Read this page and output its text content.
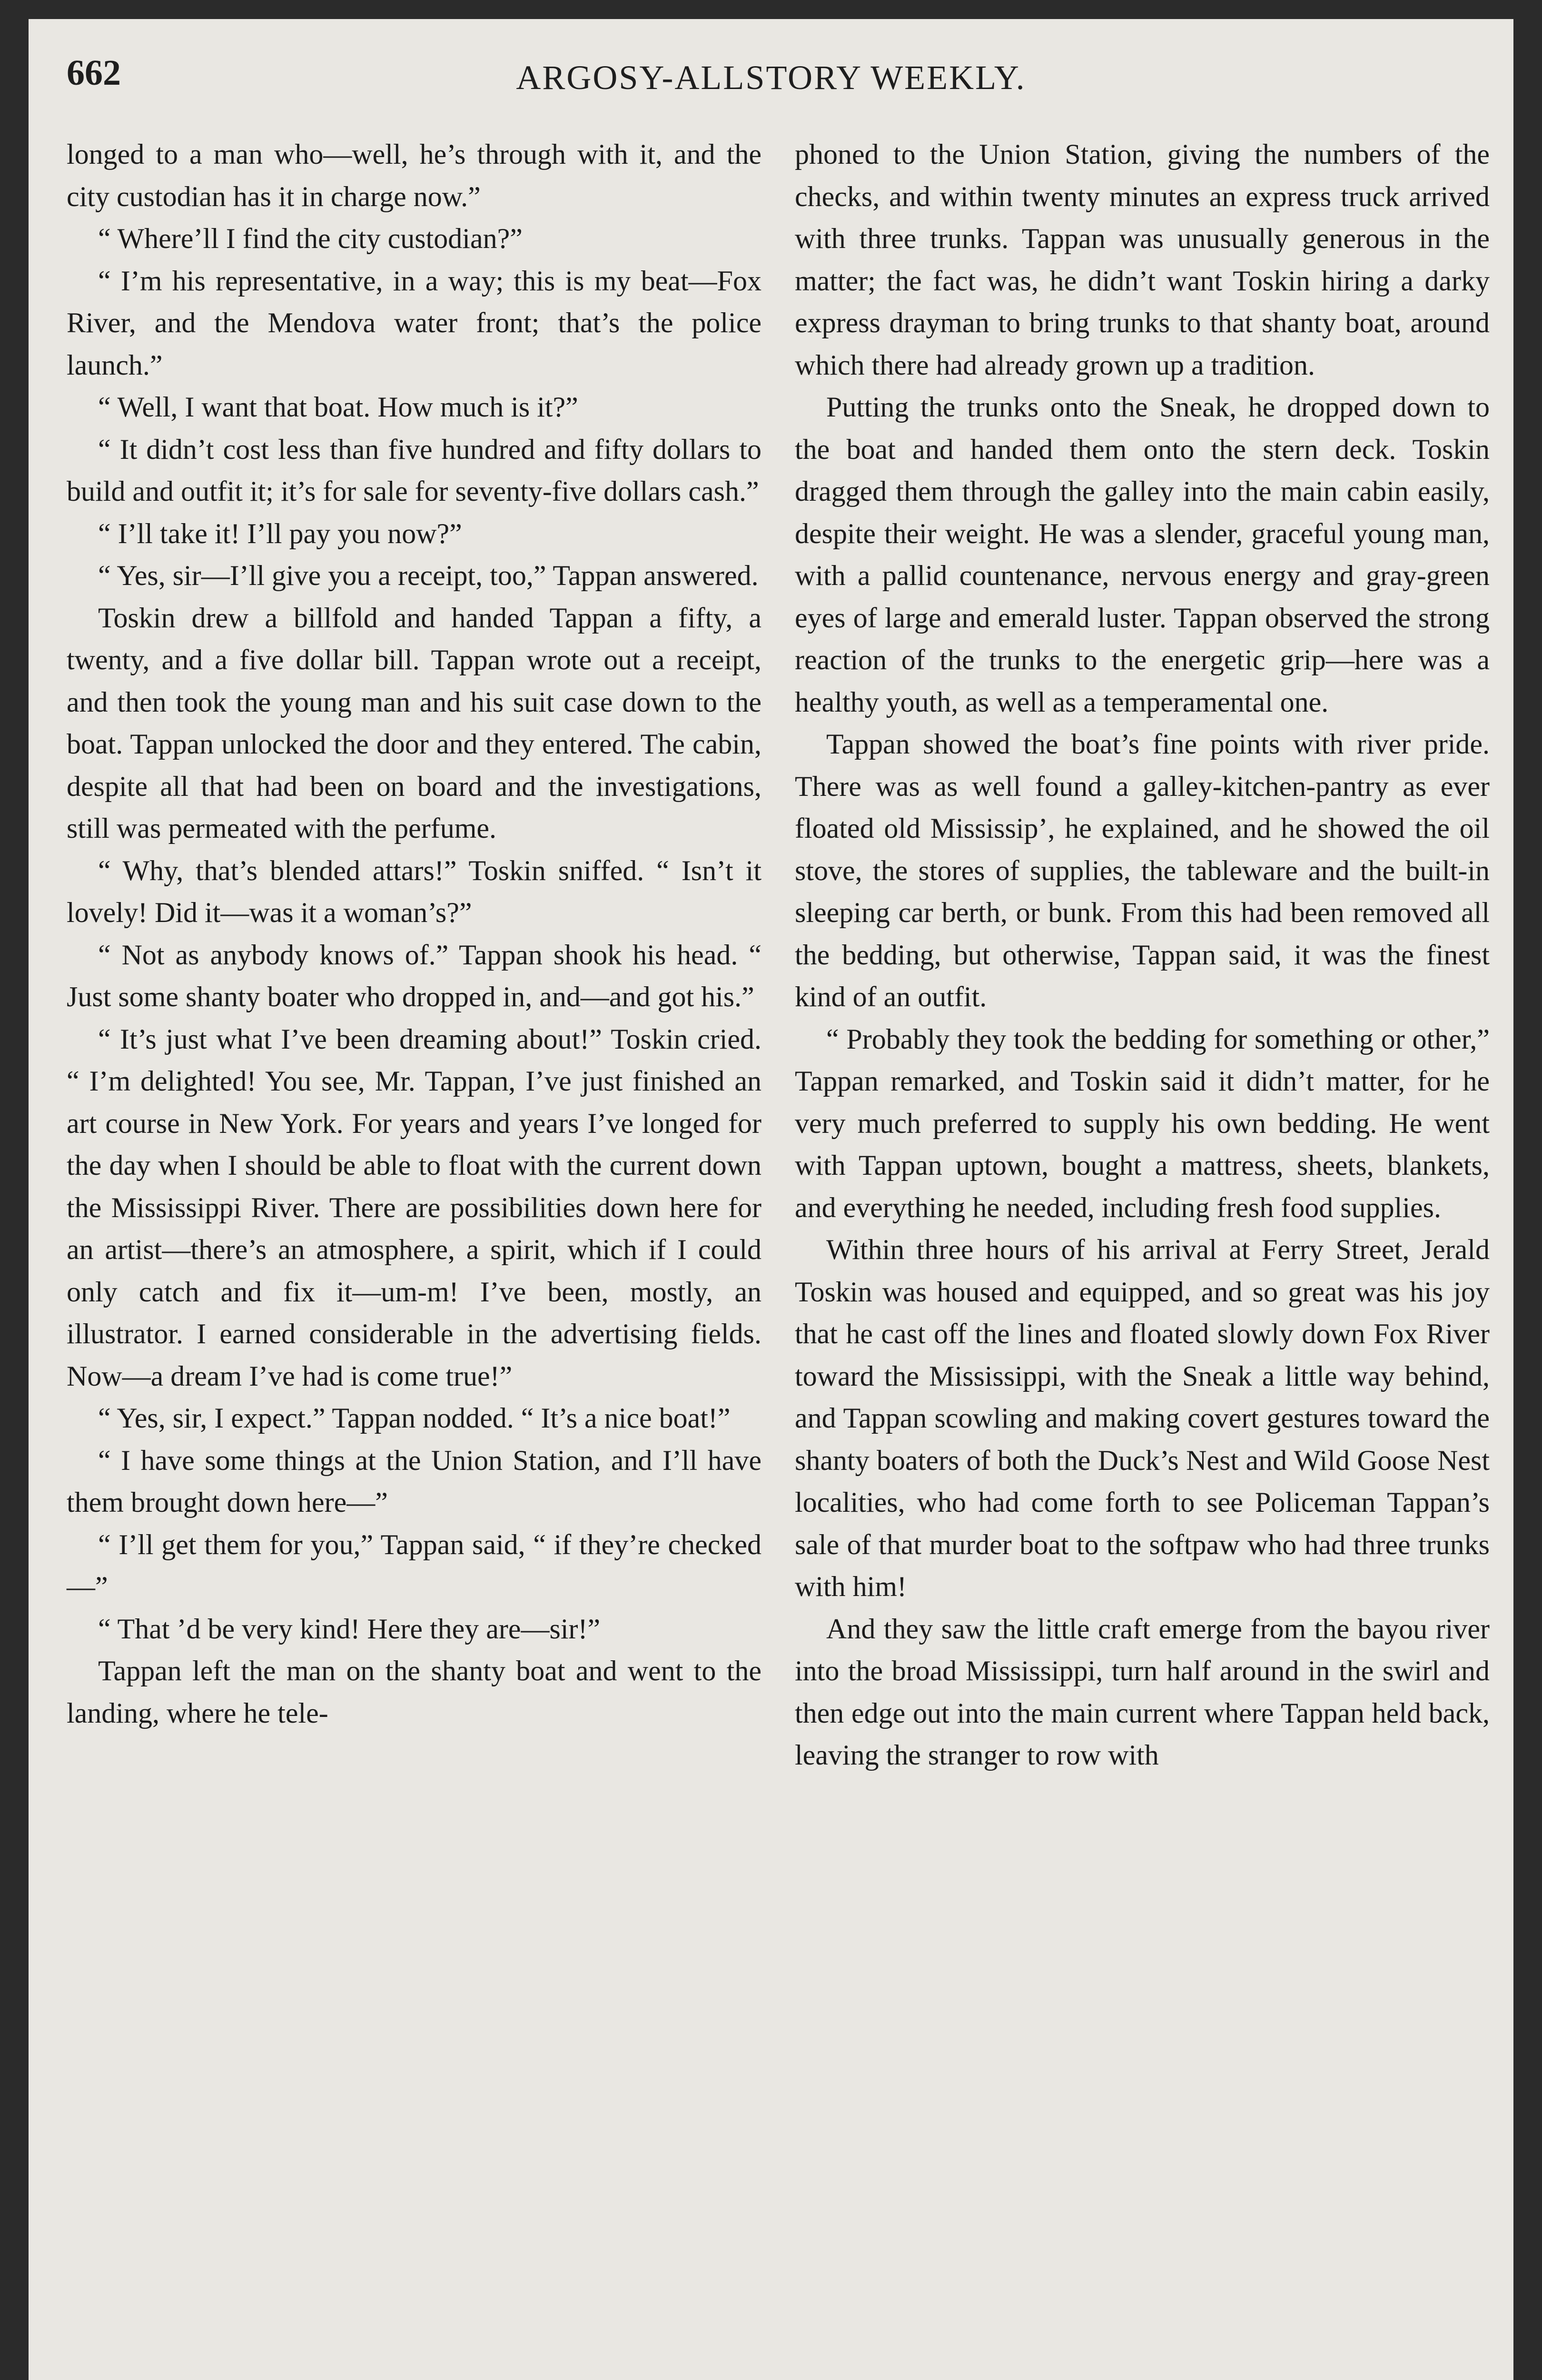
662	ARGOSY-ALLSTORY WEEKLY.

longed to a man who—well, he’s through with it, and the city custodian has it in charge now.”

“ Where’ll I find the city custodian?”

“ I’m his representative, in a way; this is my beat—Fox River, and the Mendova water front; that’s the police launch.”

“ Well, I want that boat. How much is it?”

“ It didn’t cost less than five hundred and fifty dollars to build and outfit it; it’s for sale for seventy-five dollars cash.”

“ I’ll take it! I’ll pay you now?”

“ Yes, sir—I’ll give you a receipt, too,” Tappan answered.

Toskin drew a billfold and handed Tappan a fifty, a twenty, and a five dollar bill. Tappan wrote out a receipt, and then took the young man and his suit case down to the boat. Tappan unlocked the door and they entered. The cabin, despite all that had been on board and the investigations, still was permeated with the perfume.

“ Why, that’s blended attars!” Toskin sniffed. “ Isn’t it lovely! Did it—was it a woman’s?”

“ Not as anybody knows of.” Tappan shook his head. “ Just some shanty boater who dropped in, and—and got his.”

“ It’s just what I’ve been dreaming about!” Toskin cried. “ I’m delighted! You see, Mr. Tappan, I’ve just finished an art course in New York. For years and years I’ve longed for the day when I should be able to float with the current down the Mississippi River. There are possibilities down here for an artist—there’s an atmosphere, a spirit, which if I could only catch and fix it—um-m! I’ve been, mostly, an illustrator. I earned considerable in the advertising fields. Now—a dream I’ve had is come true!”

“ Yes, sir, I expect.” Tappan nodded. “ It’s a nice boat!”

“ I have some things at the Union Station, and I’ll have them brought down here—”

“ I’ll get them for you,” Tappan said, “ if they’re checked—”

“ That ’d be very kind! Here they are—sir!”

Tappan left the man on the shanty boat and went to the landing, where he tele-

phoned to the Union Station, giving the numbers of the checks, and within twenty minutes an express truck arrived with three trunks. Tappan was unusually generous in the matter; the fact was, he didn’t want Toskin hiring a darky express drayman to bring trunks to that shanty boat, around which there had already grown up a tradition.

Putting the trunks onto the Sneak, he dropped down to the boat and handed them onto the stern deck. Toskin dragged them through the galley into the main cabin easily, despite their weight. He was a slender, graceful young man, with a pallid countenance, nervous energy and gray-green eyes of large and emerald luster. Tappan observed the strong reaction of the trunks to the energetic grip—here was a healthy youth, as well as a temperamental one.

Tappan showed the boat’s fine points with river pride. There was as well found a galley-kitchen-pantry as ever floated old Mississip’, he explained, and he showed the oil stove, the stores of supplies, the tableware and the built-in sleeping car berth, or bunk. From this had been removed all the bedding, but otherwise, Tappan said, it was the finest kind of an outfit.

“ Probably they took the bedding for something or other,” Tappan remarked, and Toskin said it didn’t matter, for he very much preferred to supply his own bedding. He went with Tappan uptown, bought a mattress, sheets, blankets, and everything he needed, including fresh food supplies.

Within three hours of his arrival at Ferry Street, Jerald Toskin was housed and equipped, and so great was his joy that he cast off the lines and floated slowly down Fox River toward the Mississippi, with the Sneak a little way behind, and Tappan scowling and making covert gestures toward the shanty boaters of both the Duck’s Nest and Wild Goose Nest localities, who had come forth to see Policeman Tappan’s sale of that murder boat to the softpaw who had three trunks with him!

And they saw the little craft emerge from the bayou river into the broad Mississippi, turn half around in the swirl and then edge out into the main current where Tappan held back, leaving the stranger to row with
